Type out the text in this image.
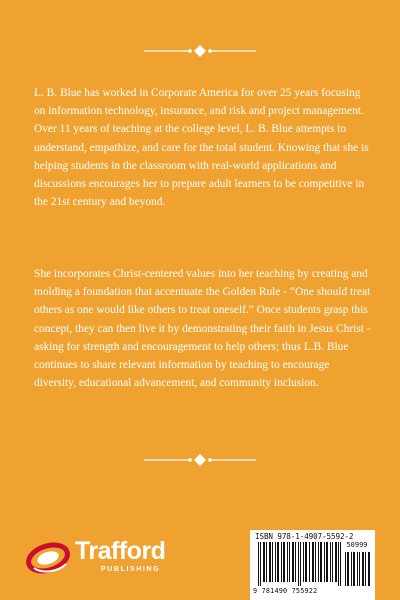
L. B. Blue has worked in Corporate America for over 25 years focusing on information technology, insurance, and risk and project management. Over 11 years of teaching at the college level, L. B. Blue attempts to understand, empathize, and care for the total student. Knowing that she is helping students in the classroom with real-world applications and discussions encourages her to prepare adult learners to be competitive in the 21st century and beyond.

She incorporates Christ-centered values into her teaching by creating and molding a foundation that accentuate the Golden Rule - “One should treat others as one would like others to treat oneself.” Once students grasp this concept, they can then live it by demonstrating their faith in Jesus Christ - asking for strength and encouragement to help others; thus L.B. Blue continues to share relevant information by teaching to encourage diversity, educational advancement, and community inclusion.

Trafford
PUBLISHING
ISBN 978-1-4907-5592-2
50999
9 781490 755922
